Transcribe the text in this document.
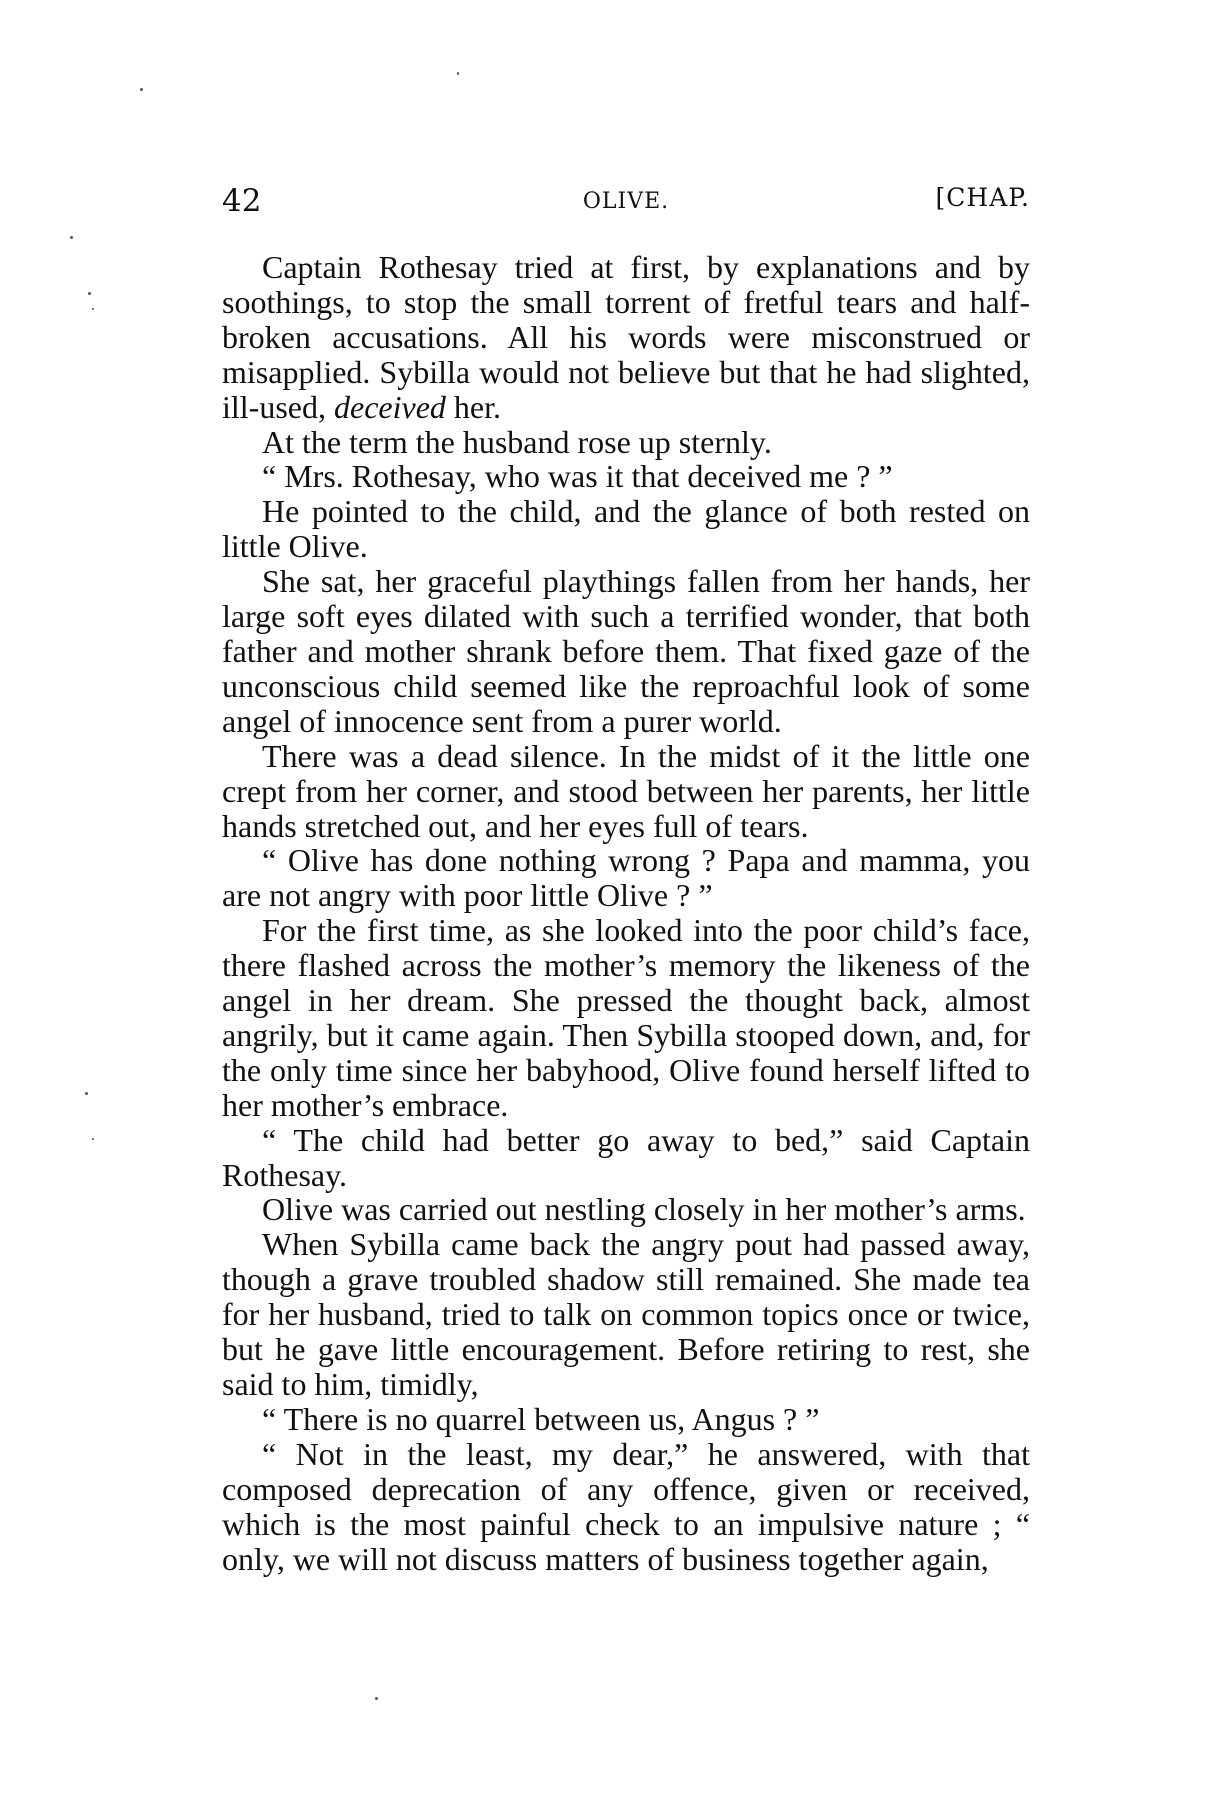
42	OLIVE.	[CHAP.

Captain Rothesay tried at first, by explanations and by soothings, to stop the small torrent of fretful tears and half-broken accusations. All his words were misconstrued or misapplied. Sybilla would not believe but that he had slighted, ill-used, deceived her.

At the term the husband rose up sternly.

“ Mrs. Rothesay, who was it that deceived me ? ”

He pointed to the child, and the glance of both rested on little Olive.

She sat, her graceful playthings fallen from her hands, her large soft eyes dilated with such a terrified wonder, that both father and mother shrank before them. That fixed gaze of the unconscious child seemed like the reproachful look of some angel of innocence sent from a purer world.

There was a dead silence. In the midst of it the little one crept from her corner, and stood between her parents, her little hands stretched out, and her eyes full of tears.

“ Olive has done nothing wrong ? Papa and mamma, you are not angry with poor little Olive ? ”

For the first time, as she looked into the poor child’s face, there flashed across the mother’s memory the likeness of the angel in her dream. She pressed the thought back, almost angrily, but it came again. Then Sybilla stooped down, and, for the only time since her babyhood, Olive found herself lifted to her mother’s embrace.

“ The child had better go away to bed,” said Captain Rothesay.

Olive was carried out nestling closely in her mother’s arms.

When Sybilla came back the angry pout had passed away, though a grave troubled shadow still remained. She made tea for her husband, tried to talk on common topics once or twice, but he gave little encouragement. Before retiring to rest, she said to him, timidly,

“ There is no quarrel between us, Angus ? ”

“ Not in the least, my dear,” he answered, with that composed deprecation of any offence, given or received, which is the most painful check to an impulsive nature ; “ only, we will not discuss matters of business together again,
